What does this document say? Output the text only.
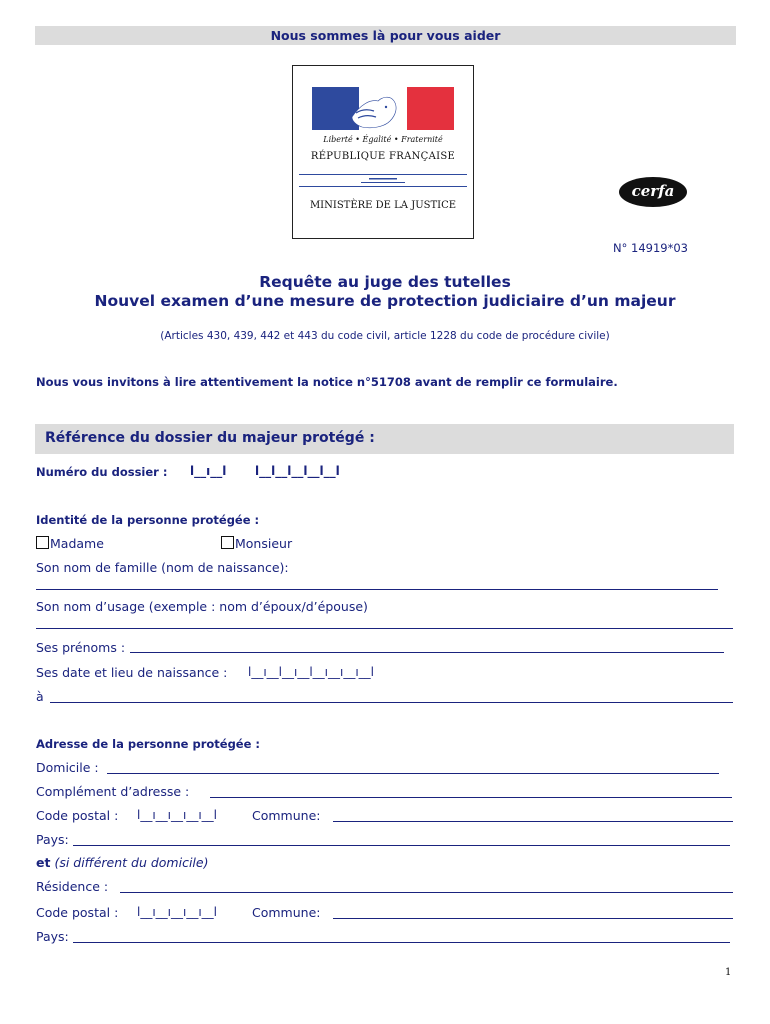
Nous sommes là pour vous aider
Liberté • Égalité • Fraternité
RÉPUBLIQUE FRANÇAISE
MINISTÈRE DE LA JUSTICE
cerfa
N° 14919*03
Requête au juge des tutelles
Nouvel examen d’une mesure de protection judiciaire d’un majeur
(Articles 430, 439, 442 et 443 du code civil, article 1228 du code de procédure civile)
Nous vous invitons à lire attentivement la notice n°51708 avant de remplir ce formulaire.
Référence du dossier du majeur protégé :
Numéro du dossier : l__ı__l l__l__l__l__l__l
Identité de la personne protégée :
Madame	Monsieur
Son nom de famille (nom de naissance):
Son nom d’usage (exemple : nom d’époux/d’épouse)
Ses prénoms :
Ses date et lieu de naissance : l__ı__l__ı__l__ı__ı__ı__l
à
Adresse de la personne protégée :
Domicile :
Complément d’adresse :
Code postal : l__ı__ı__ı__ı__l	Commune:
Pays:
et (si différent du domicile)
Résidence :
Code postal : l__ı__ı__ı__ı__l	Commune:
Pays:
1
